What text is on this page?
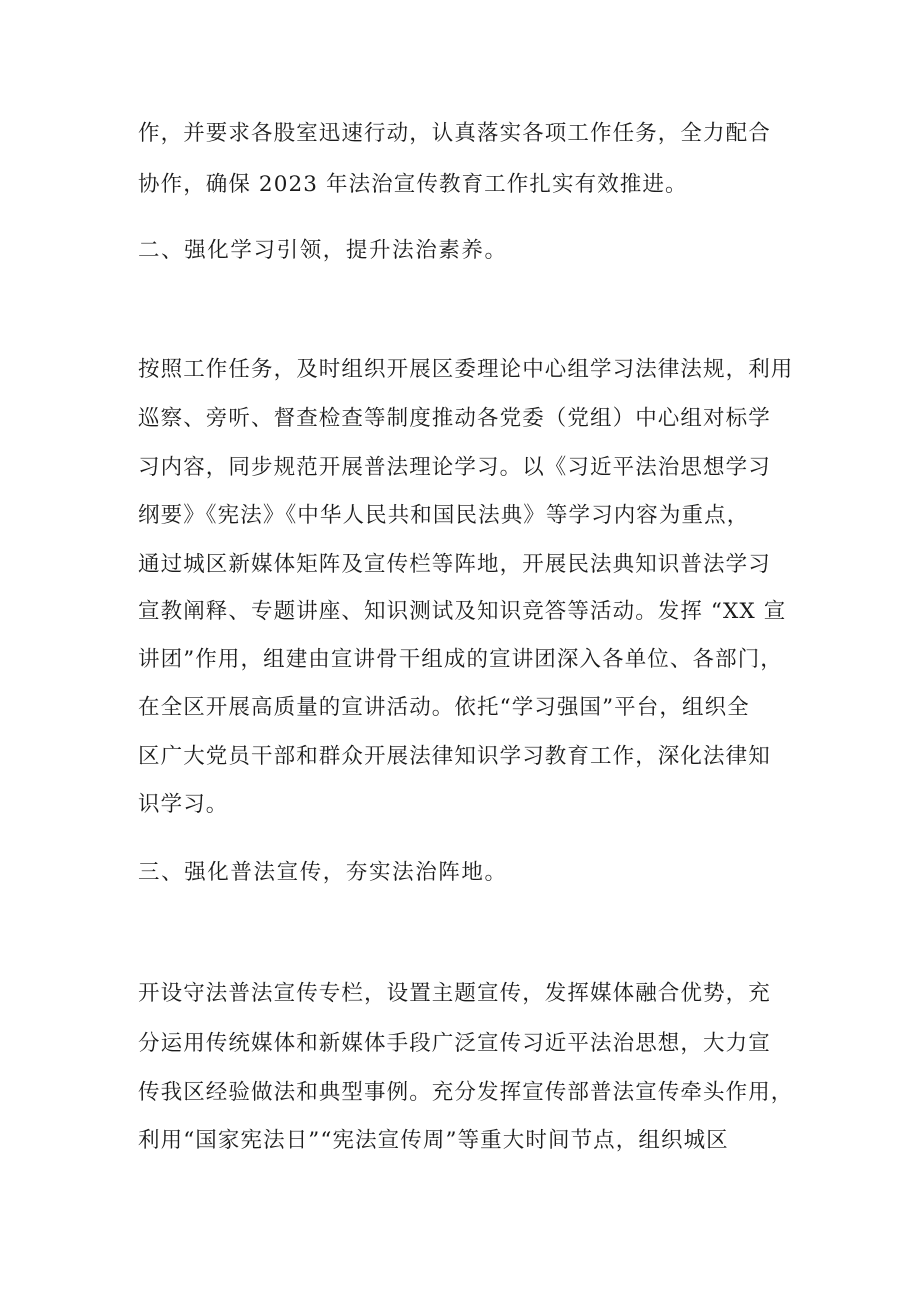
作，并要求各股室迅速行动，认真落实各项工作任务，全力配合
协作，确保 2023 年法治宣传教育工作扎实有效推进。
二、强化学习引领，提升法治素养。
按照工作任务，及时组织开展区委理论中心组学习法律法规，利用
巡察、旁听、督查检查等制度推动各党委（党组）中心组对标学
习内容，同步规范开展普法理论学习。以《习近平法治思想学习
纲要》《宪法》《中华人民共和国民法典》等学习内容为重点，
通过城区新媒体矩阵及宣传栏等阵地，开展民法典知识普法学习
宣教阐释、专题讲座、知识测试及知识竞答等活动。发挥 “XX 宣
讲团”作用，组建由宣讲骨干组成的宣讲团深入各单位、各部门，
在全区开展高质量的宣讲活动。依托“学习强国”平台，组织全
区广大党员干部和群众开展法律知识学习教育工作，深化法律知
识学习。
三、强化普法宣传，夯实法治阵地。
开设守法普法宣传专栏，设置主题宣传，发挥媒体融合优势，充
分运用传统媒体和新媒体手段广泛宣传习近平法治思想，大力宣
传我区经验做法和典型事例。充分发挥宣传部普法宣传牵头作用，
利用“国家宪法日”“宪法宣传周”等重大时间节点，组织城区
